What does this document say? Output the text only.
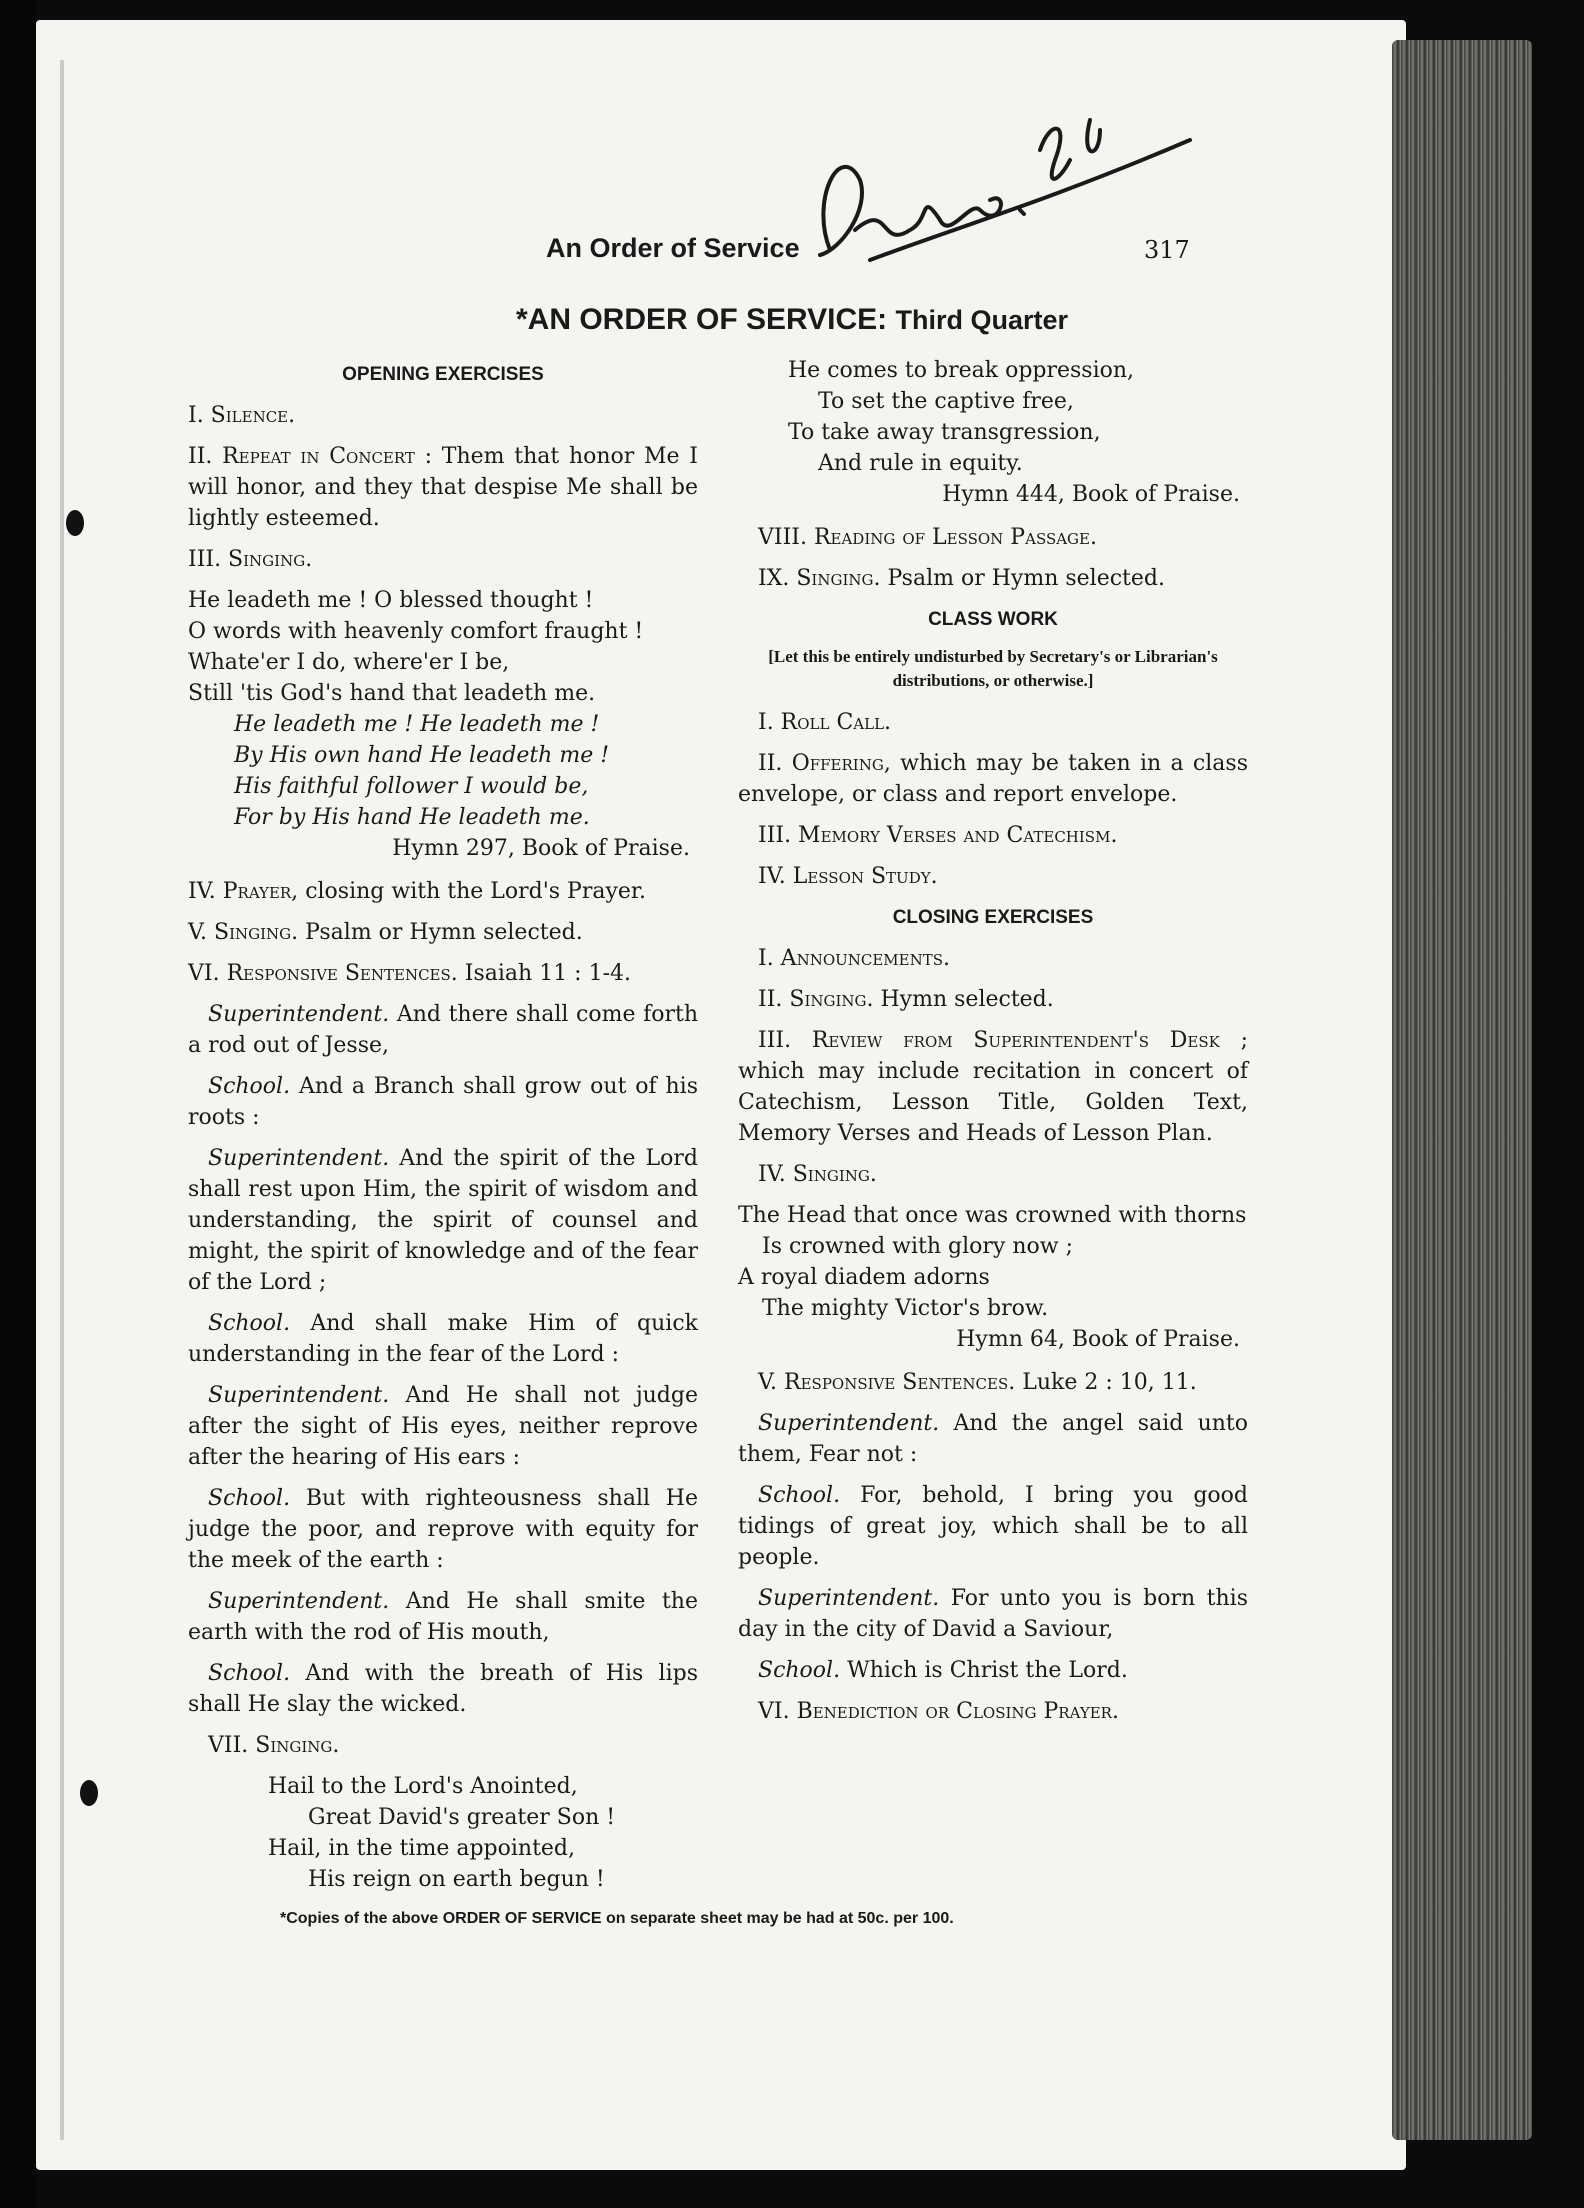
An Order of Service	317
*AN ORDER OF SERVICE: Third Quarter
OPENING EXERCISES
I. Silence.
II. Repeat in Concert : Them that honor Me I will honor, and they that despise Me shall be lightly esteemed.
III. Singing.
He leadeth me ! O blessed thought !
O words with heavenly comfort fraught !
Whate'er I do, where'er I be,
Still 'tis God's hand that leadeth me.
He leadeth me ! He leadeth me !
By His own hand He leadeth me !
His faithful follower I would be,
For by His hand He leadeth me.
Hymn 297, Book of Praise.
IV. Prayer, closing with the Lord's Prayer.
V. Singing. Psalm or Hymn selected.
VI. Responsive Sentences. Isaiah 11 : 1-4.
Superintendent. And there shall come forth a rod out of Jesse,
School. And a Branch shall grow out of his roots :
Superintendent. And the spirit of the Lord shall rest upon Him, the spirit of wisdom and understanding, the spirit of counsel and might, the spirit of knowledge and of the fear of the Lord ;
School. And shall make Him of quick understanding in the fear of the Lord :
Superintendent. And He shall not judge after the sight of His eyes, neither reprove after the hearing of His ears :
School. But with righteousness shall He judge the poor, and reprove with equity for the meek of the earth :
Superintendent. And He shall smite the earth with the rod of His mouth,
School. And with the breath of His lips shall He slay the wicked.
VII. Singing.
Hail to the Lord's Anointed,
Great David's greater Son !
Hail, in the time appointed,
His reign on earth begun !
He comes to break oppression,
To set the captive free,
To take away transgression,
And rule in equity.
Hymn 444, Book of Praise.
VIII. Reading of Lesson Passage.
IX. Singing. Psalm or Hymn selected.
CLASS WORK
[Let this be entirely undisturbed by Secretary's or Librarian's distributions, or otherwise.]
I. Roll Call.
II. Offering, which may be taken in a class envelope, or class and report envelope.
III. Memory Verses and Catechism.
IV. Lesson Study.
CLOSING EXERCISES
I. Announcements.
II. Singing. Hymn selected.
III. Review from Superintendent's Desk ; which may include recitation in concert of Catechism, Lesson Title, Golden Text, Memory Verses and Heads of Lesson Plan.
IV. Singing.
The Head that once was crowned with thorns
Is crowned with glory now ;
A royal diadem adorns
The mighty Victor's brow.
Hymn 64, Book of Praise.
V. Responsive Sentences. Luke 2 : 10, 11.
Superintendent. And the angel said unto them, Fear not :
School. For, behold, I bring you good tidings of great joy, which shall be to all people.
Superintendent. For unto you is born this day in the city of David a Saviour,
School. Which is Christ the Lord.
VI. Benediction or Closing Prayer.
*Copies of the above ORDER OF SERVICE on separate sheet may be had at 50c. per 100.
